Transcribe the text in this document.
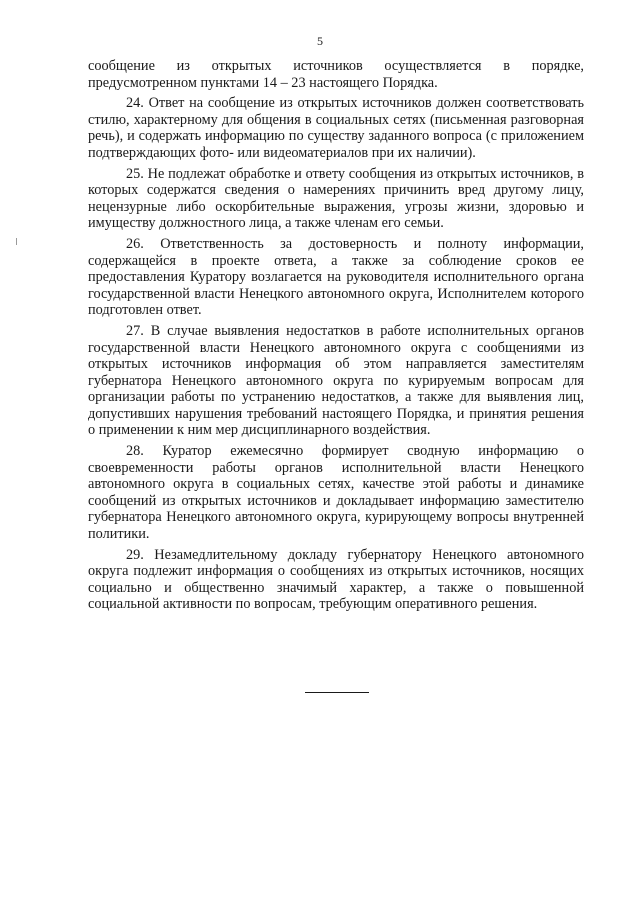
5

сообщение из открытых источников осуществляется в порядке, предусмотренном пунктами 14 – 23 настоящего Порядка.

24. Ответ на сообщение из открытых источников должен соответствовать стилю, характерному для общения в социальных сетях (письменная разговорная речь), и содержать информацию по существу заданного вопроса (с приложением подтверждающих фото- или видеоматериалов при их наличии).

25. Не подлежат обработке и ответу сообщения из открытых источников, в которых содержатся сведения о намерениях причинить вред другому лицу, нецензурные либо оскорбительные выражения, угрозы жизни, здоровью и имуществу должностного лица, а также членам его семьи.

26. Ответственность за достоверность и полноту информации, содержащейся в проекте ответа, а также за соблюдение сроков ее предоставления Куратору возлагается на руководителя исполнительного органа государственной власти Ненецкого автономного округа, Исполнителем которого подготовлен ответ.

27. В случае выявления недостатков в работе исполнительных органов государственной власти Ненецкого автономного округа с сообщениями из открытых источников информация об этом направляется заместителям губернатора Ненецкого автономного округа по курируемым вопросам для организации работы по устранению недостатков, а также для выявления лиц, допустивших нарушения требований настоящего Порядка, и принятия решения о применении к ним мер дисциплинарного воздействия.

28. Куратор ежемесячно формирует сводную информацию о своевременности работы органов исполнительной власти Ненецкого автономного округа в социальных сетях, качестве этой работы и динамике сообщений из открытых источников и докладывает информацию заместителю губернатора Ненецкого автономного округа, курирующему вопросы внутренней политики.

29. Незамедлительному докладу губернатору Ненецкого автономного округа подлежит информация о сообщениях из открытых источников, носящих социально и общественно значимый характер, а также о повышенной социальной активности по вопросам, требующим оперативного решения.
